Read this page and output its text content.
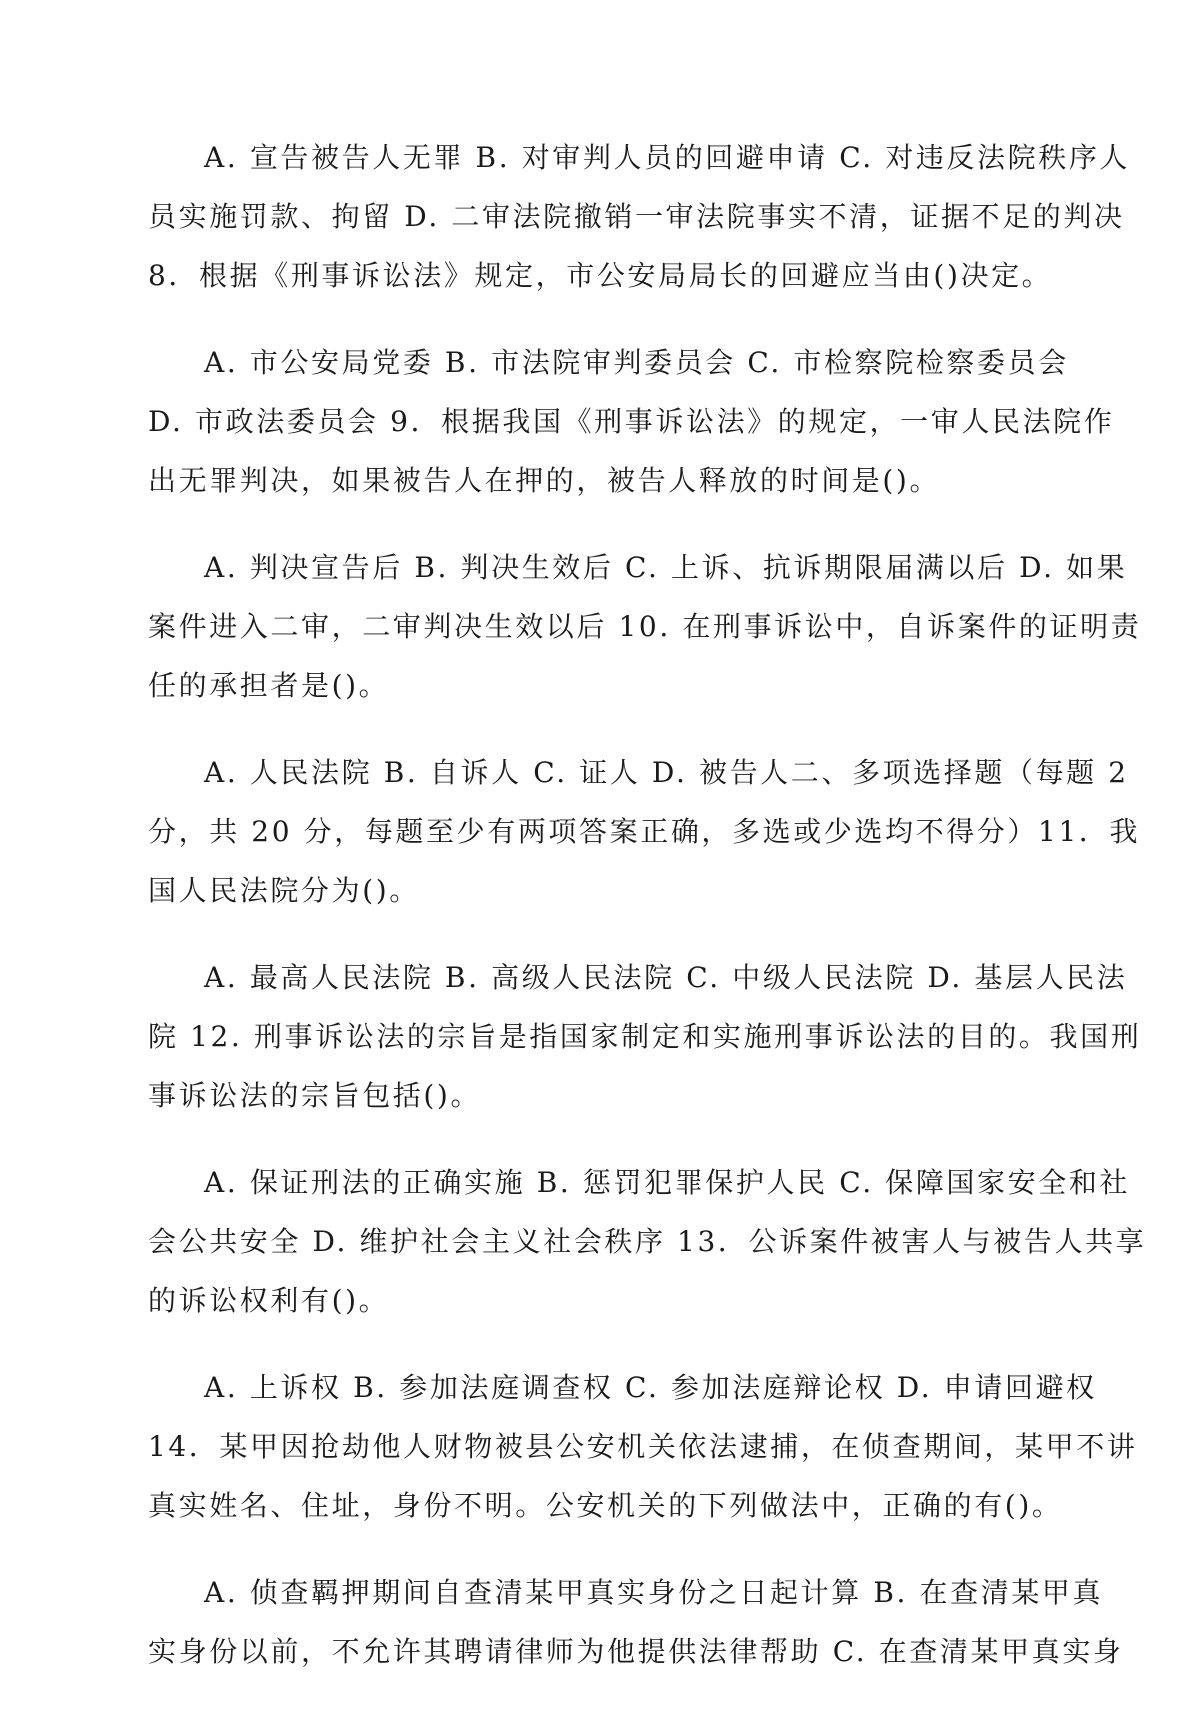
A. 宣告被告人无罪 B. 对审判人员的回避申请 C. 对违反法院秩序人
员实施罚款、拘留 D. 二审法院撤销一审法院事实不清，证据不足的判决
8．根据《刑事诉讼法》规定，市公安局局长的回避应当由()决定。
A. 市公安局党委 B. 市法院审判委员会 C. 市检察院检察委员会
D. 市政法委员会 9．根据我国《刑事诉讼法》的规定，一审人民法院作
出无罪判决，如果被告人在押的，被告人释放的时间是()。
A. 判决宣告后 B. 判决生效后 C. 上诉、抗诉期限届满以后 D. 如果
案件进入二审，二审判决生效以后 10. 在刑事诉讼中，自诉案件的证明责
任的承担者是()。
A. 人民法院 B. 自诉人 C. 证人 D. 被告人二、多项选择题（每题 2
分，共 20 分，每题至少有两项答案正确，多选或少选均不得分）11．我
国人民法院分为()。
A. 最高人民法院 B. 高级人民法院 C. 中级人民法院 D. 基层人民法
院 12. 刑事诉讼法的宗旨是指国家制定和实施刑事诉讼法的目的。我国刑
事诉讼法的宗旨包括()。
A. 保证刑法的正确实施 B. 惩罚犯罪保护人民 C. 保障国家安全和社
会公共安全 D. 维护社会主义社会秩序 13．公诉案件被害人与被告人共享
的诉讼权利有()。
A. 上诉权 B. 参加法庭调查权 C. 参加法庭辩论权 D. 申请回避权
14．某甲因抢劫他人财物被县公安机关依法逮捕，在侦查期间，某甲不讲
真实姓名、住址，身份不明。公安机关的下列做法中，正确的有()。
A. 侦查羁押期间自查清某甲真实身份之日起计算 B. 在查清某甲真
实身份以前，不允许其聘请律师为他提供法律帮助 C. 在查清某甲真实身
